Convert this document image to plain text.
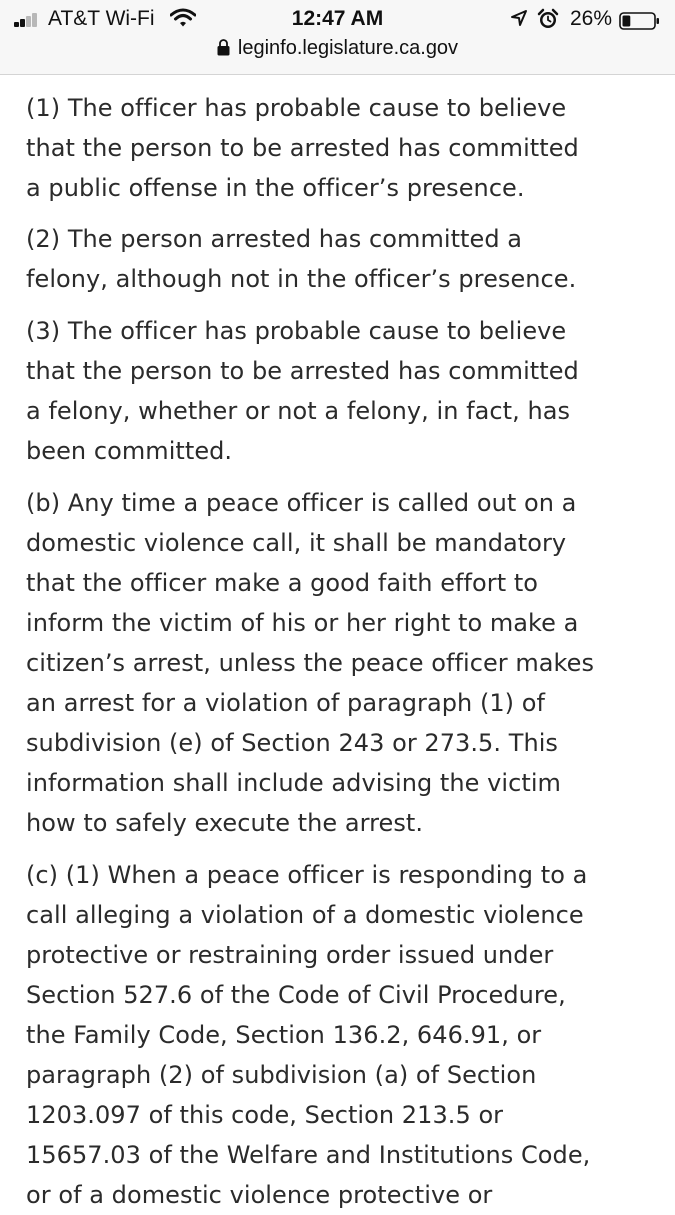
AT&T Wi-Fi	12:47 AM	26%
leginfo.legislature.ca.gov
(1) The officer has probable cause to believe
that the person to be arrested has committed
a public offense in the officer’s presence.
(2) The person arrested has committed a
felony, although not in the officer’s presence.
(3) The officer has probable cause to believe
that the person to be arrested has committed
a felony, whether or not a felony, in fact, has
been committed.
(b) Any time a peace officer is called out on a
domestic violence call, it shall be mandatory
that the officer make a good faith effort to
inform the victim of his or her right to make a
citizen’s arrest, unless the peace officer makes
an arrest for a violation of paragraph (1) of
subdivision (e) of Section 243 or 273.5. This
information shall include advising the victim
how to safely execute the arrest.
(c) (1) When a peace officer is responding to a
call alleging a violation of a domestic violence
protective or restraining order issued under
Section 527.6 of the Code of Civil Procedure,
the Family Code, Section 136.2, 646.91, or
paragraph (2) of subdivision (a) of Section
1203.097 of this code, Section 213.5 or
15657.03 of the Welfare and Institutions Code,
or of a domestic violence protective or
